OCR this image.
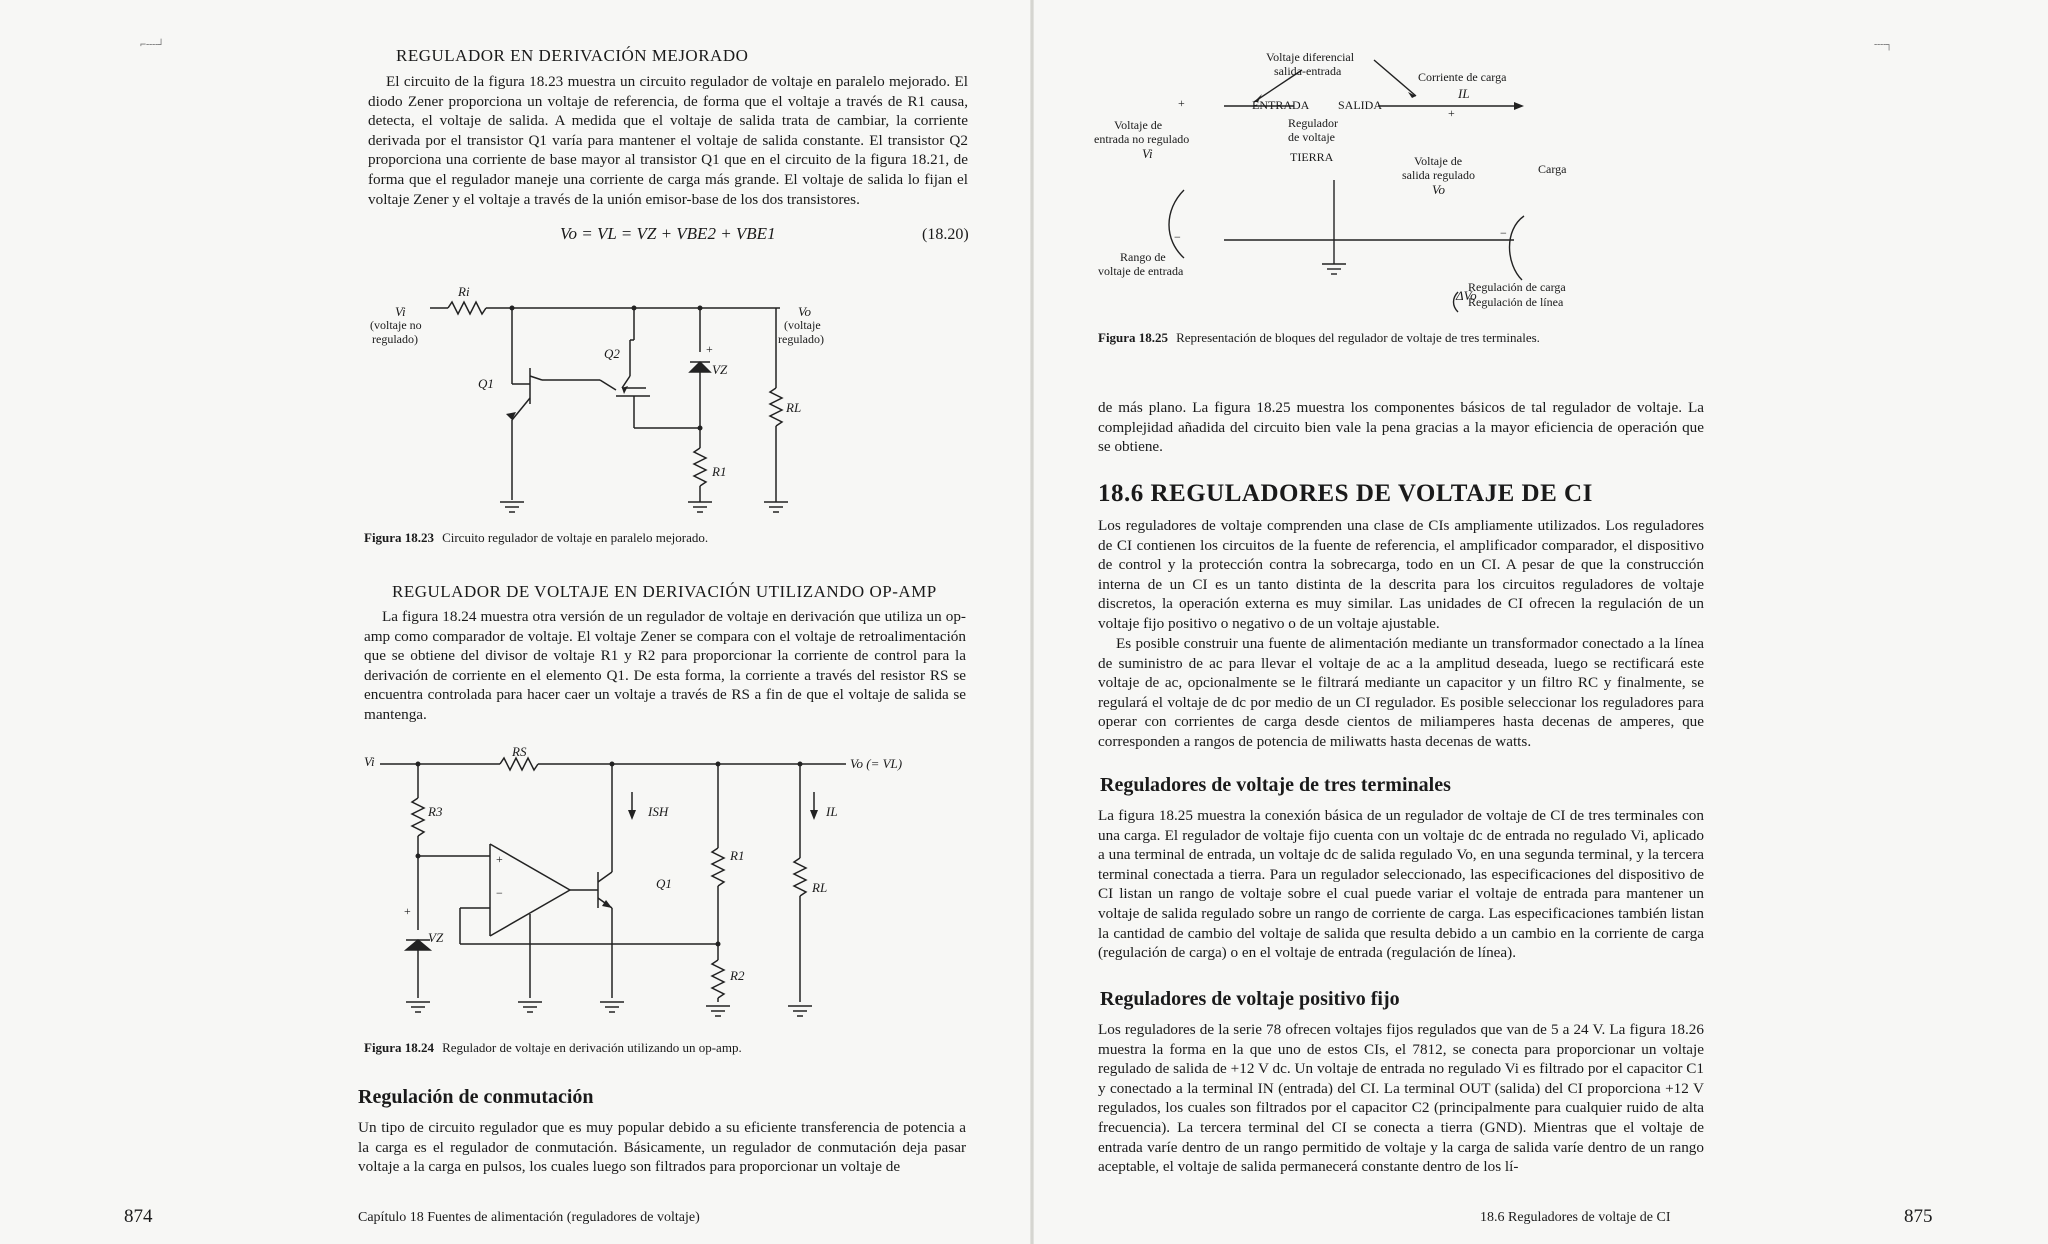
⌐╌╌┘
REGULADOR EN DERIVACIÓN MEJORADO

El circuito de la figura 18.23 muestra un circuito regulador de voltaje en paralelo mejorado. El diodo Zener proporciona un voltaje de referencia, de forma que el voltaje a través de R1 causa, detecta, el voltaje de salida. A medida que el voltaje de salida trata de cambiar, la corriente derivada por el transistor Q1 varía para mantener el voltaje de salida constante. El transistor Q2 proporciona una corriente de base mayor al transistor Q1 que en el circuito de la figura 18.21, de forma que el regulador maneje una corriente de carga más grande. El voltaje de salida lo fijan el voltaje Zener y el voltaje a través de la unión emisor-base de los dos transistores.

Vo = VL = VZ + VBE2 + VBE1	(18.20)
Vi
(voltaje no
regulado)
Ri
Vo
(voltaje
regulado)
Q1
Q2	+
VZ
RL
R1
Figura 18.23 Circuito regulador de voltaje en paralelo mejorado.
REGULADOR DE VOLTAJE EN DERIVACIÓN UTILIZANDO OP-AMP

La figura 18.24 muestra otra versión de un regulador de voltaje en derivación que utiliza un op-amp como comparador de voltaje. El voltaje Zener se compara con el voltaje de retroalimentación que se obtiene del divisor de voltaje R1 y R2 para proporcionar la corriente de control para la derivación de corriente en el elemento Q1. De esta forma, la corriente a través del resistor RS se encuentra controlada para hacer caer un voltaje a través de RS a fin de que el voltaje de salida se mantenga.

Vi
RS
Vo (= VL)
R3	ISH	IL
R1
+
−
Q1	RL
+
VZ
R2
Figura 18.24 Regulador de voltaje en derivación utilizando un op-amp.
Regulación de conmutación

Un tipo de circuito regulador que es muy popular debido a su eficiente transferencia de potencia a la carga es el regulador de conmutación. Básicamente, un regulador de conmutación deja pasar voltaje a la carga en pulsos, los cuales luego son filtrados para proporcionar un voltaje de

874	Capítulo 18 Fuentes de alimentación (reguladores de voltaje)
╌╌┐
Voltaje diferencial
salida-entrada	Corriente de carga
IL
+	ENTRADA SALIDA
+
Regulador
de voltaje
Voltaje de
entrada no regulado
Vi	TIERRA	Voltaje de
salida regulado
Vo
Carga
−	−
Rango de
voltaje de entrada
ΔVo
Regulación de carga
Regulación de línea
Figura 18.25 Representación de bloques del regulador de voltaje de tres terminales.

de más plano. La figura 18.25 muestra los componentes básicos de tal regulador de voltaje. La complejidad añadida del circuito bien vale la pena gracias a la mayor eficiencia de operación que se obtiene.

18.6 REGULADORES DE VOLTAJE DE CI

Los reguladores de voltaje comprenden una clase de CIs ampliamente utilizados. Los reguladores de CI contienen los circuitos de la fuente de referencia, el amplificador comparador, el dispositivo de control y la protección contra la sobrecarga, todo en un CI. A pesar de que la construcción interna de un CI es un tanto distinta de la descrita para los circuitos reguladores de voltaje discretos, la operación externa es muy similar. Las unidades de CI ofrecen la regulación de un voltaje fijo positivo o negativo o de un voltaje ajustable.

Es posible construir una fuente de alimentación mediante un transformador conectado a la línea de suministro de ac para llevar el voltaje de ac a la amplitud deseada, luego se rectificará este voltaje de ac, opcionalmente se le filtrará mediante un capacitor y un filtro RC y finalmente, se regulará el voltaje de dc por medio de un CI regulador. Es posible seleccionar los reguladores para operar con corrientes de carga desde cientos de miliamperes hasta decenas de amperes, que corresponden a rangos de potencia de miliwatts hasta decenas de watts.

Reguladores de voltaje de tres terminales

La figura 18.25 muestra la conexión básica de un regulador de voltaje de CI de tres terminales con una carga. El regulador de voltaje fijo cuenta con un voltaje dc de entrada no regulado Vi, aplicado a una terminal de entrada, un voltaje dc de salida regulado Vo, en una segunda terminal, y la tercera terminal conectada a tierra. Para un regulador seleccionado, las especificaciones del dispositivo de CI listan un rango de voltaje sobre el cual puede variar el voltaje de entrada para mantener un voltaje de salida regulado sobre un rango de corriente de carga. Las especificaciones también listan la cantidad de cambio del voltaje de salida que resulta debido a un cambio en la corriente de carga (regulación de carga) o en el voltaje de entrada (regulación de línea).

Reguladores de voltaje positivo fijo

Los reguladores de la serie 78 ofrecen voltajes fijos regulados que van de 5 a 24 V. La figura 18.26 muestra la forma en la que uno de estos CIs, el 7812, se conecta para proporcionar un voltaje regulado de salida de +12 V dc. Un voltaje de entrada no regulado Vi es filtrado por el capacitor C1 y conectado a la terminal IN (entrada) del CI. La terminal OUT (salida) del CI proporciona +12 V regulados, los cuales son filtrados por el capacitor C2 (principalmente para cualquier ruido de alta frecuencia). La tercera terminal del CI se conecta a tierra (GND). Mientras que el voltaje de entrada varíe dentro de un rango permitido de voltaje y la carga de salida varíe dentro de un rango aceptable, el voltaje de salida permanecerá constante dentro de los lí-

18.6 Reguladores de voltaje de CI	875
